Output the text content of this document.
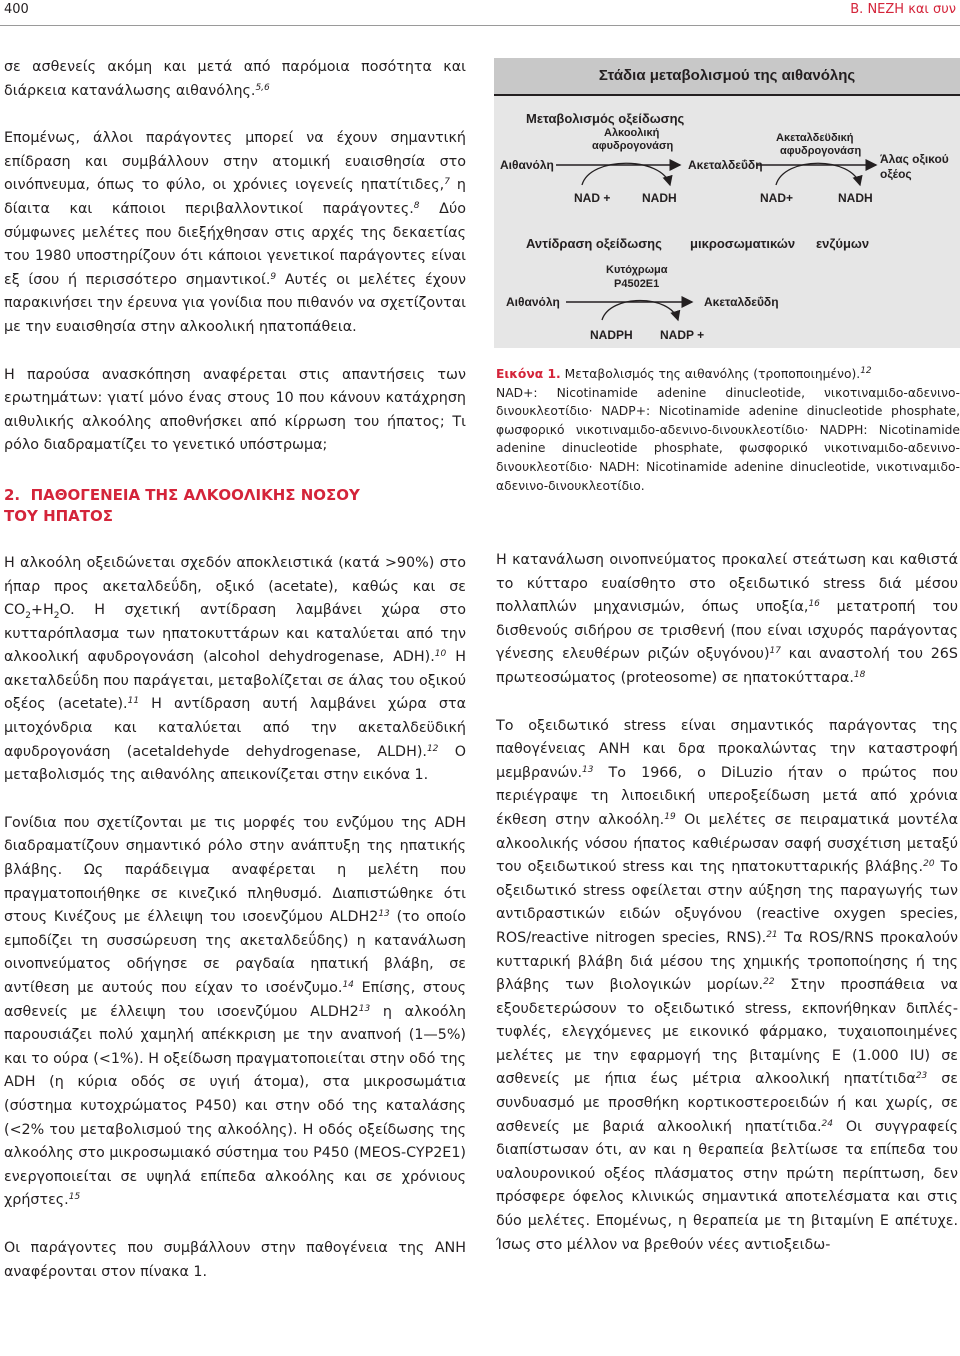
400	Β. ΝΕΖΗ και συν

σε ασθενείς ακόμη και μετά από παρόμοια ποσότητα και διάρκεια κατανάλωσης αιθανόλης.$^{5,6}$

Επομένως, άλλοι παράγοντες μπορεί να έχουν σημαντική επίδραση και συμβάλλουν στην ατομική ευαισθησία στο οινόπνευμα, όπως το φύλο, οι χρόνιες ιογενείς ηπατίτιδες,$^7$ η δίαιτα και κάποιοι περιβαλλοντικοί παράγοντες.$^8$ Δύο σύμφωνες μελέτες που διεξήχθησαν στις αρχές της δεκαετίας του 1980 υποστηρίζουν ότι κάποιοι γενετικοί παράγοντες είναι εξ ίσου ή περισσότερο σημαντικοί.$^9$ Αυτές οι μελέτες έχουν παρακινήσει την έρευνα για γονίδια που πιθανόν να σχετίζονται με την ευαισθησία στην αλκοολική ηπατοπάθεια.

Η παρούσα ανασκόπηση αναφέρεται στις απαντήσεις των ερωτημάτων: γιατί μόνο ένας στους 10 που κάνουν κατάχρηση αιθυλικής αλκοόλης αποθνήσκει από κίρρωση του ήπατος; Τι ρόλο διαδραματίζει το γενετικό υπόστρωμα;

2. ΠΑΘΟΓΕΝΕΙΑ ΤΗΣ ΑΛΚΟΟΛΙΚΗΣ ΝΟΣΟΥ
ΤΟΥ ΗΠΑΤΟΣ

Η αλκοόλη οξειδώνεται σχεδόν αποκλειστικά (κατά >90%) στο ήπαρ προς ακεταλδεΰδη, οξικό (acetate), καθώς και σε $CO_2+H_2O$. Η σχετική αντίδραση λαμβάνει χώρα στο κυτταρόπλασμα των ηπατοκυττάρων και καταλύεται από την αλκοολική αφυδρογονάση (alcohol dehydrogenase, ADH).$^{10}$ Η ακεταλδεΰδη που παράγεται, μεταβολίζεται σε άλας του οξικού οξέος (acetate).$^{11}$ Η αντίδραση αυτή λαμβάνει χώρα στα μιτοχόνδρια και καταλύεται από την ακεταλδεϋδική αφυδρογονάση (acetaldehyde dehydrogenase, ALDH).$^{12}$ Ο μεταβολισμός της αιθανόλης απεικονίζεται στην εικόνα 1.

Γονίδια που σχετίζονται με τις μορφές του ενζύμου της ADH διαδραματίζουν σημαντικό ρόλο στην ανάπτυξη της ηπατικής βλάβης. Ως παράδειγμα αναφέρεται η μελέτη που πραγματοποιήθηκε σε κινεζικό πληθυσμό. Διαπιστώθηκε ότι στους Κινέζους με έλλειψη του ισοενζύμου $ALDH2^{13}$ (το οποίο εμποδίζει τη συσσώρευση της ακεταλδεΰδης) η κατανάλωση οινοπνεύματος οδήγησε σε ραγδαία ηπατική βλάβη, σε αντίθεση με αυτούς που είχαν το ισοένζυμο.$^{14}$ Επίσης, στους ασθενείς με έλλειψη του ισοενζύμου $ALDH2^{13}$ η αλκοόλη παρουσιάζει πολύ χαμηλή απέκκριση με την αναπνοή (1—5%) και το ούρα (<1%). Η οξείδωση πραγματοποιείται στην οδό της ADH (η κύρια οδός σε υγιή άτομα), στα μικροσωμάτια (σύστημα κυτοχρώματος P450) και στην οδό της καταλάσης (<2% του μεταβολισμού της αλκοόλης). Η οδός οξείδωσης της αλκοόλης στο μικροσωμιακό σύστημα του P450 (MEOS-CYP2E1) ενεργοποιείται σε υψηλά επίπεδα αλκοόλης και σε χρόνιους χρήστες.$^{15}$

Οι παράγοντες που συμβάλλουν στην παθογένεια της ΑΝΗ αναφέρονται στον πίνακα 1.

Στάδια μεταβολισμού της αιθανόλης
Μεταβολισμός οξείδωσης
Αλκοολική
αφυδρογονάση
Αιθανόλη	Ακεταλδεΰδη
Ακεταλδεϋδική
αφυδρογονάση
Άλας οξικού
οξέος
NAD +	NADH	NAD+	NADH
Αντίδραση οξείδωσης μικροσωματικών ενζύμων
Κυτόχρωμα
P4502E1
Αιθανόλη	Ακεταλδεΰδη
NADPH NADP +
Εικόνα 1. Μεταβολισμός της αιθανόλης (τροποποιημένο).$^{12}$
NAD+: Nicotinamide adenine dinucleotide, νικοτιναμιδο-αδενινο-δινουκλεοτίδιο· NADP+: Nicotinamide adenine dinucleotide phosphate, φωσφορικό νικοτιναμιδο-αδενινο-δινουκλεοτίδιο· NADPH: Nicotinamide adenine dinucleotide phosphate, φωσφορικό νικοτιναμιδο-αδενινο-δινουκλεοτίδιο· NADH: Nicotinamide adenine dinucleotide, νικοτιναμιδο-αδενινο-δινουκλεοτίδιο.

Η κατανάλωση οινοπνεύματος προκαλεί στεάτωση και καθιστά το κύτταρο ευαίσθητο στο οξειδωτικό stress διά μέσου πολλαπλών μηχανισμών, όπως υποξία,$^{16}$ μετατροπή του δισθενούς σιδήρου σε τρισθενή (που είναι ισχυρός παράγοντας γένεσης ελευθέρων ριζών οξυγόνου)$^{17}$ και αναστολή του 26S πρωτεοσώματος (proteosome) σε ηπατοκύτταρα.$^{18}$

Το οξειδωτικό stress είναι σημαντικός παράγοντας της παθογένειας ΑΝΗ και δρα προκαλώντας την καταστροφή μεμβρανών.$^{13}$ Το 1966, ο DiLuzio ήταν ο πρώτος που περιέγραψε τη λιποειδική υπεροξείδωση μετά από χρόνια έκθεση στην αλκοόλη.$^{19}$ Οι μελέτες σε πειραματικά μοντέλα αλκοολικής νόσου ήπατος καθιέρωσαν σαφή συσχέτιση μεταξύ του οξειδωτικού stress και της ηπατοκυτταρικής βλάβης.$^{20}$ Το οξειδωτικό stress οφείλεται στην αύξηση της παραγωγής των αντιδραστικών ειδών οξυγόνου (reactive oxygen species, ROS/reactive nitrogen species, RNS).$^{21}$ Τα ROS/RNS προκαλούν κυτταρική βλάβη διά μέσου της χημικής τροποποίησης ή της βλάβης των βιολογικών μορίων.$^{22}$ Στην προσπάθεια να εξουδετερώσουν το οξειδωτικό stress, εκπονήθηκαν διπλές-τυφλές, ελεγχόμενες με εικονικό φάρμακο, τυχαιοποιημένες μελέτες με την εφαρμογή της βιταμίνης Ε (1.000 IU) σε ασθενείς με ήπια έως μέτρια αλκοολική ηπατίτιδα$^{23}$ σε συνδυασμό με προσθήκη κορτικοστεροειδών ή και χωρίς, σε ασθενείς με βαριά αλκοολική ηπατίτιδα.$^{24}$ Οι συγγραφείς διαπίστωσαν ότι, αν και η θεραπεία βελτίωσε τα επίπεδα του υαλουρονικού οξέος πλάσματος στην πρώτη περίπτωση, δεν πρόσφερε όφελος κλινικώς σημαντικά αποτελέσματα και στις δύο μελέτες. Επομένως, η θεραπεία με τη βιταμίνη Ε απέτυχε. Ίσως στο μέλλον να βρεθούν νέες αντιοξειδω-
